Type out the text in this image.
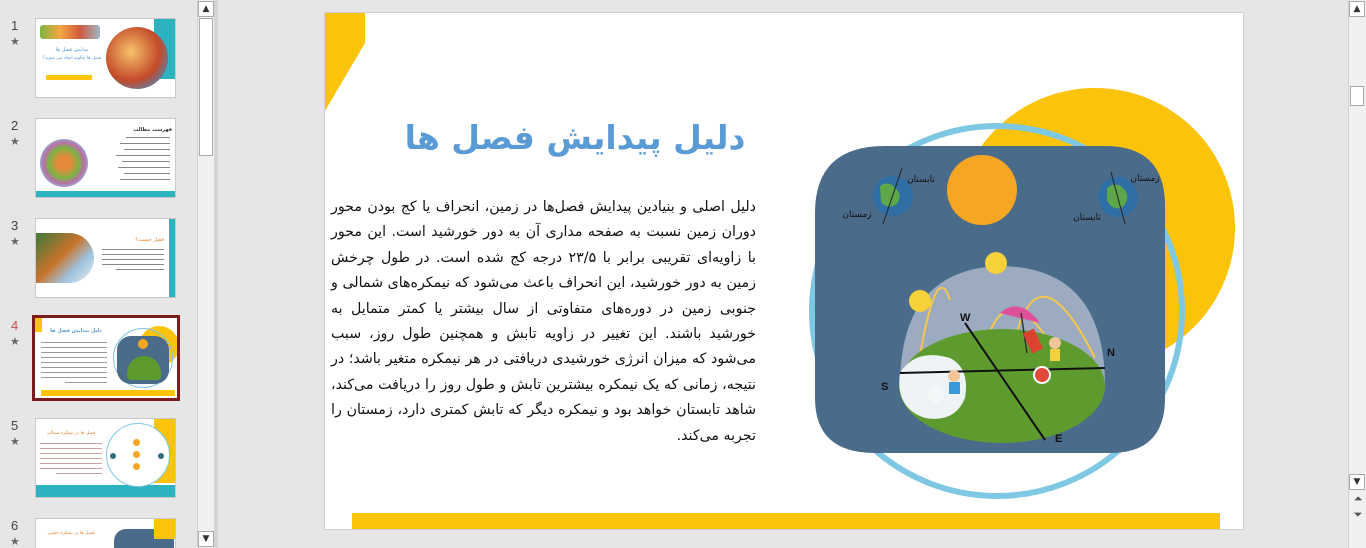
1
★
پیدایش فصل ها
فصل ها چگونه ایجاد می شوند؟
2
★
فهرست مطالب
3
★	فصل چیست؟
4
★
دلیل پیدایش فصل ها
5
★
فصل ها در نیمکره شمالی
6
★
فصل ها در نیمکره جنوبی
▲
▼
دلیل پیدایش فصل ها
دلیل اصلی و بنیادین پیدایش فصل‌ها در زمین، انحراف یا کج بودن محور دوران زمین نسبت به صفحه مداری آن به دور خورشید است. این محور با زاویه‌ای تقریبی برابر با ۲۳/۵ درجه کج شده است. در طول چرخش زمین به دور خورشید، این انحراف باعث می‌شود که نیمکره‌های شمالی و جنوبی زمین در دوره‌های متفاوتی از سال بیشتر یا کمتر متمایل به خورشید باشند. این تغییر در زاویه تابش و همچنین طول روز، سبب می‌شود که میزان انرژی خورشیدی دریافتی در هر نیمکره متغیر باشد؛ در نتیجه، زمانی که یک نیمکره بیشترین تابش و طول روز را دریافت می‌کند، شاهد تابستان خواهد بود و نیمکره دیگر که تابش کمتری دارد، زمستان را تجربه می‌کند.
تابستان
زمستان
زمستان
تابستان
W
N
S
E
▲
▼
⏶
⏷
